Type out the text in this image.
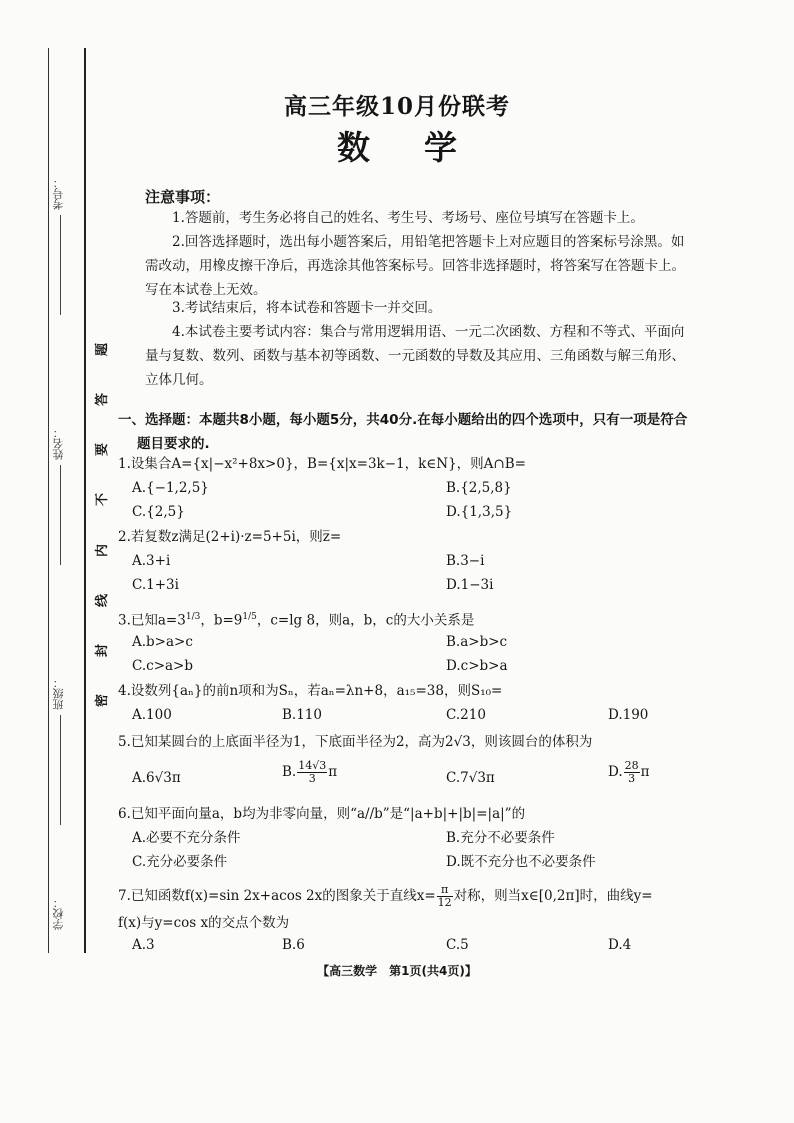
考号：
姓名：
班级：
学校：
题
答
要
不
内
线
封
密
高三年级10月份联考
数学
注意事项：
1.答题前，考生务必将自己的姓名、考生号、考场号、座位号填写在答题卡上。
2.回答选择题时，选出每小题答案后，用铅笔把答题卡上对应题目的答案标号涂黑。如需改动，用橡皮擦干净后，再选涂其他答案标号。回答非选择题时，将答案写在答题卡上。写在本试卷上无效。
3.考试结束后，将本试卷和答题卡一并交回。
4.本试卷主要考试内容：集合与常用逻辑用语、一元二次函数、方程和不等式、平面向量与复数、数列、函数与基本初等函数、一元函数的导数及其应用、三角函数与解三角形、立体几何。
一、选择题：本题共8小题，每小题5分，共40分.在每小题给出的四个选项中，只有一项是符合
题目要求的.
1.设集合A={x|−x²+8x>0}，B={x|x=3k−1，k∈N}，则A∩B=
A.{−1,2,5}	B.{2,5,8}
C.{2,5}	D.{1,3,5}
2.若复数z满足(2+i)·z=5+5i，则z̅=
A.3+i	B.3−i
C.1+3i	D.1−3i
3.已知$a=3^{1/3}$，$b=9^{1/5}$，c=lg 8，则a，b，c的大小关系是
A.b>a>c	B.a>b>c
C.c>a>b	D.c>b>a
4.设数列{aₙ}的前n项和为Sₙ，若aₙ=λn+8，a₁₅=38，则S₁₀=
A.100	B.110	C.210	D.190
5.已知某圆台的上底面半径为1，下底面半径为2，高为2√3，则该圆台的体积为
A.6√3π	B. $\frac{14√3}{3}$ π	C.7√3π	D. $\frac{28}{3}$ π
6.已知平面向量a，b均为非零向量，则“a//b”是“|a+b|+|b|=|a|”的
A.必要不充分条件	B.充分不必要条件
C.充分必要条件	D.既不充分也不必要条件
7.已知函数f(x)=sin 2x+acos 2x的图象关于直线$x= \frac{\pi}{12}$ 对称，则当x∈[0,2π]时，曲线y=
f(x)与y=cos x的交点个数为
A.3	B.6	C.5	D.4
【高三数学　第1页(共4页)】
